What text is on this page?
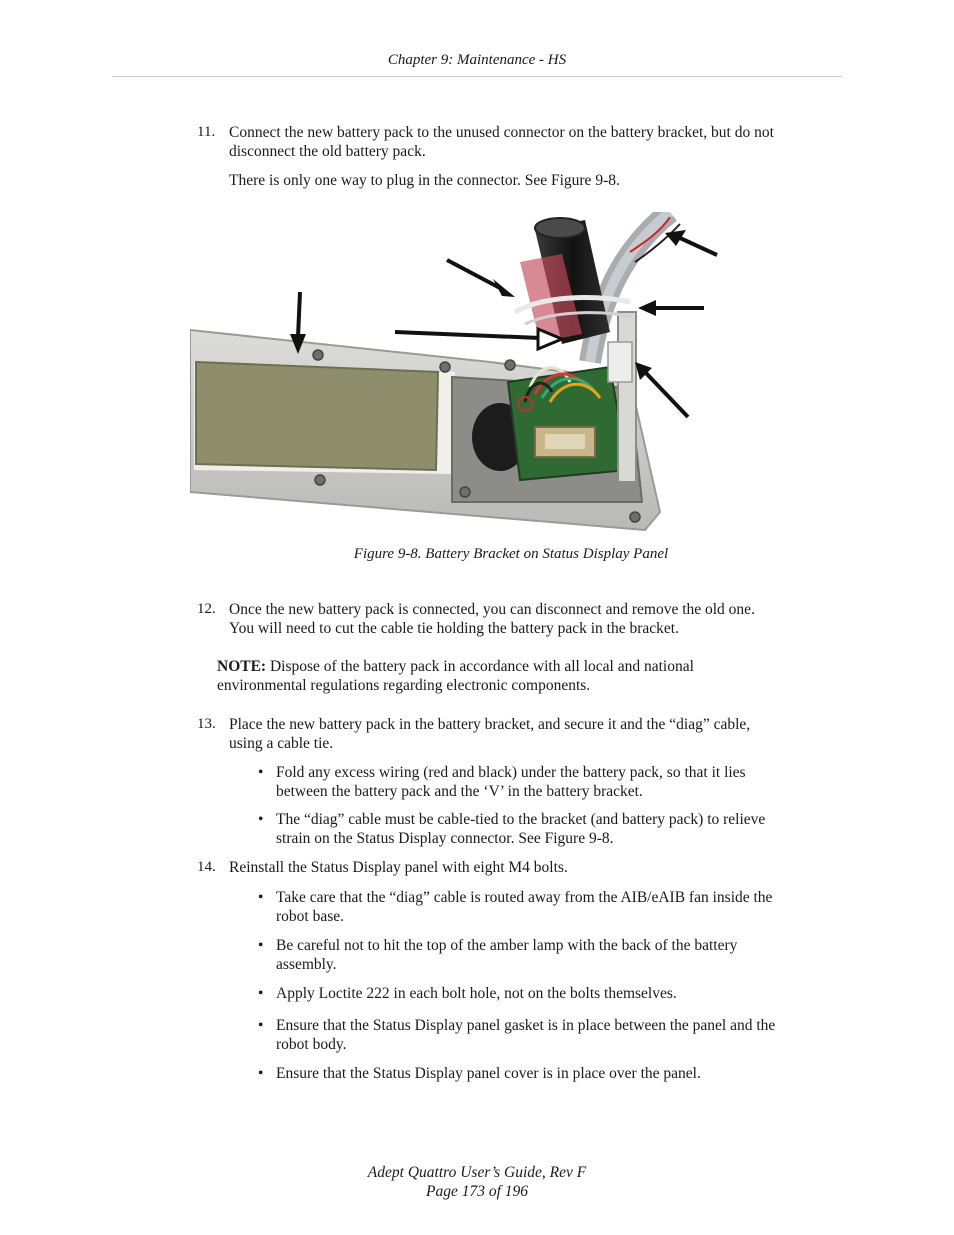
Chapter 9: Maintenance - HS
11. Connect the new battery pack to the unused connector on the battery bracket, but do not
disconnect the old battery pack.
There is only one way to plug in the connector. See Figure 9-8.
Figure 9-8. Battery Bracket on Status Display Panel
12. Once the new battery pack is connected, you can disconnect and remove the old one.
You will need to cut the cable tie holding the battery pack in the bracket.
NOTE: Dispose of the battery pack in accordance with all local and national
environmental regulations regarding electronic components.
13. Place the new battery pack in the battery bracket, and secure it and the “diag” cable,
using a cable tie.
• Fold any excess wiring (red and black) under the battery pack, so that it lies
between the battery pack and the ‘V’ in the battery bracket.
• The “diag” cable must be cable-tied to the bracket (and battery pack) to relieve
strain on the Status Display connector. See Figure 9-8.
14. Reinstall the Status Display panel with eight M4 bolts.
• Take care that the “diag” cable is routed away from the AIB/eAIB fan inside the
robot base.
• Be careful not to hit the top of the amber lamp with the back of the battery
assembly.
• Apply Loctite 222 in each bolt hole, not on the bolts themselves.
• Ensure that the Status Display panel gasket is in place between the panel and the
robot body.
• Ensure that the Status Display panel cover is in place over the panel.
Adept Quattro User’s Guide, Rev F
Page 173 of 196
